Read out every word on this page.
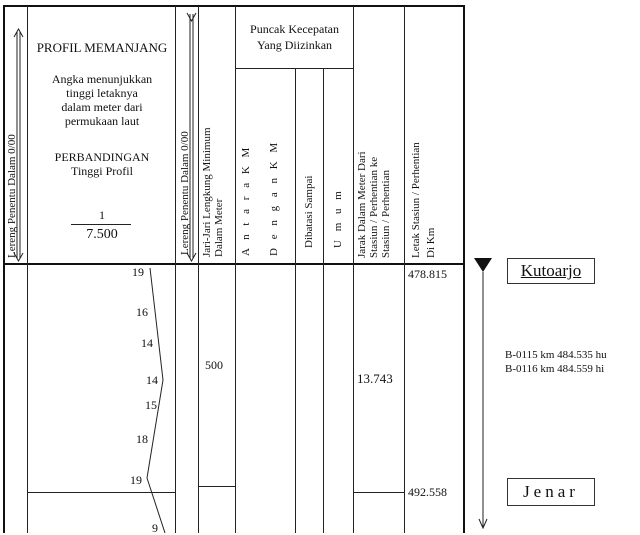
Lereng Penentu Dalam 0/00
PROFIL MEMANJANG
Angka menunjukkan
tinggi letaknya
dalam meter dari
permukaan laut
PERBANDINGAN
Tinggi Profil
1
7.500	Lereng Penentu Dalam 0/00 Jari-Jari Lengkung Minimum Dalam Meter
Puncak Kecepatan
Yang Diizinkan
A n t a r a K M D e n g a n K M Dibatasi Sampai U m u m Jarak Dalam Meter Dari Stasiun / Perhentian ke Stasiun / Perhentian Letak Stasiun / Perhentian Di Km
19
16
14
14
15
18
19
9
500
13.743
478.815
492.558
Kutoarjo
Jenar
B-0115 km 484.535 hu
B-0116 km 484.559 hi
